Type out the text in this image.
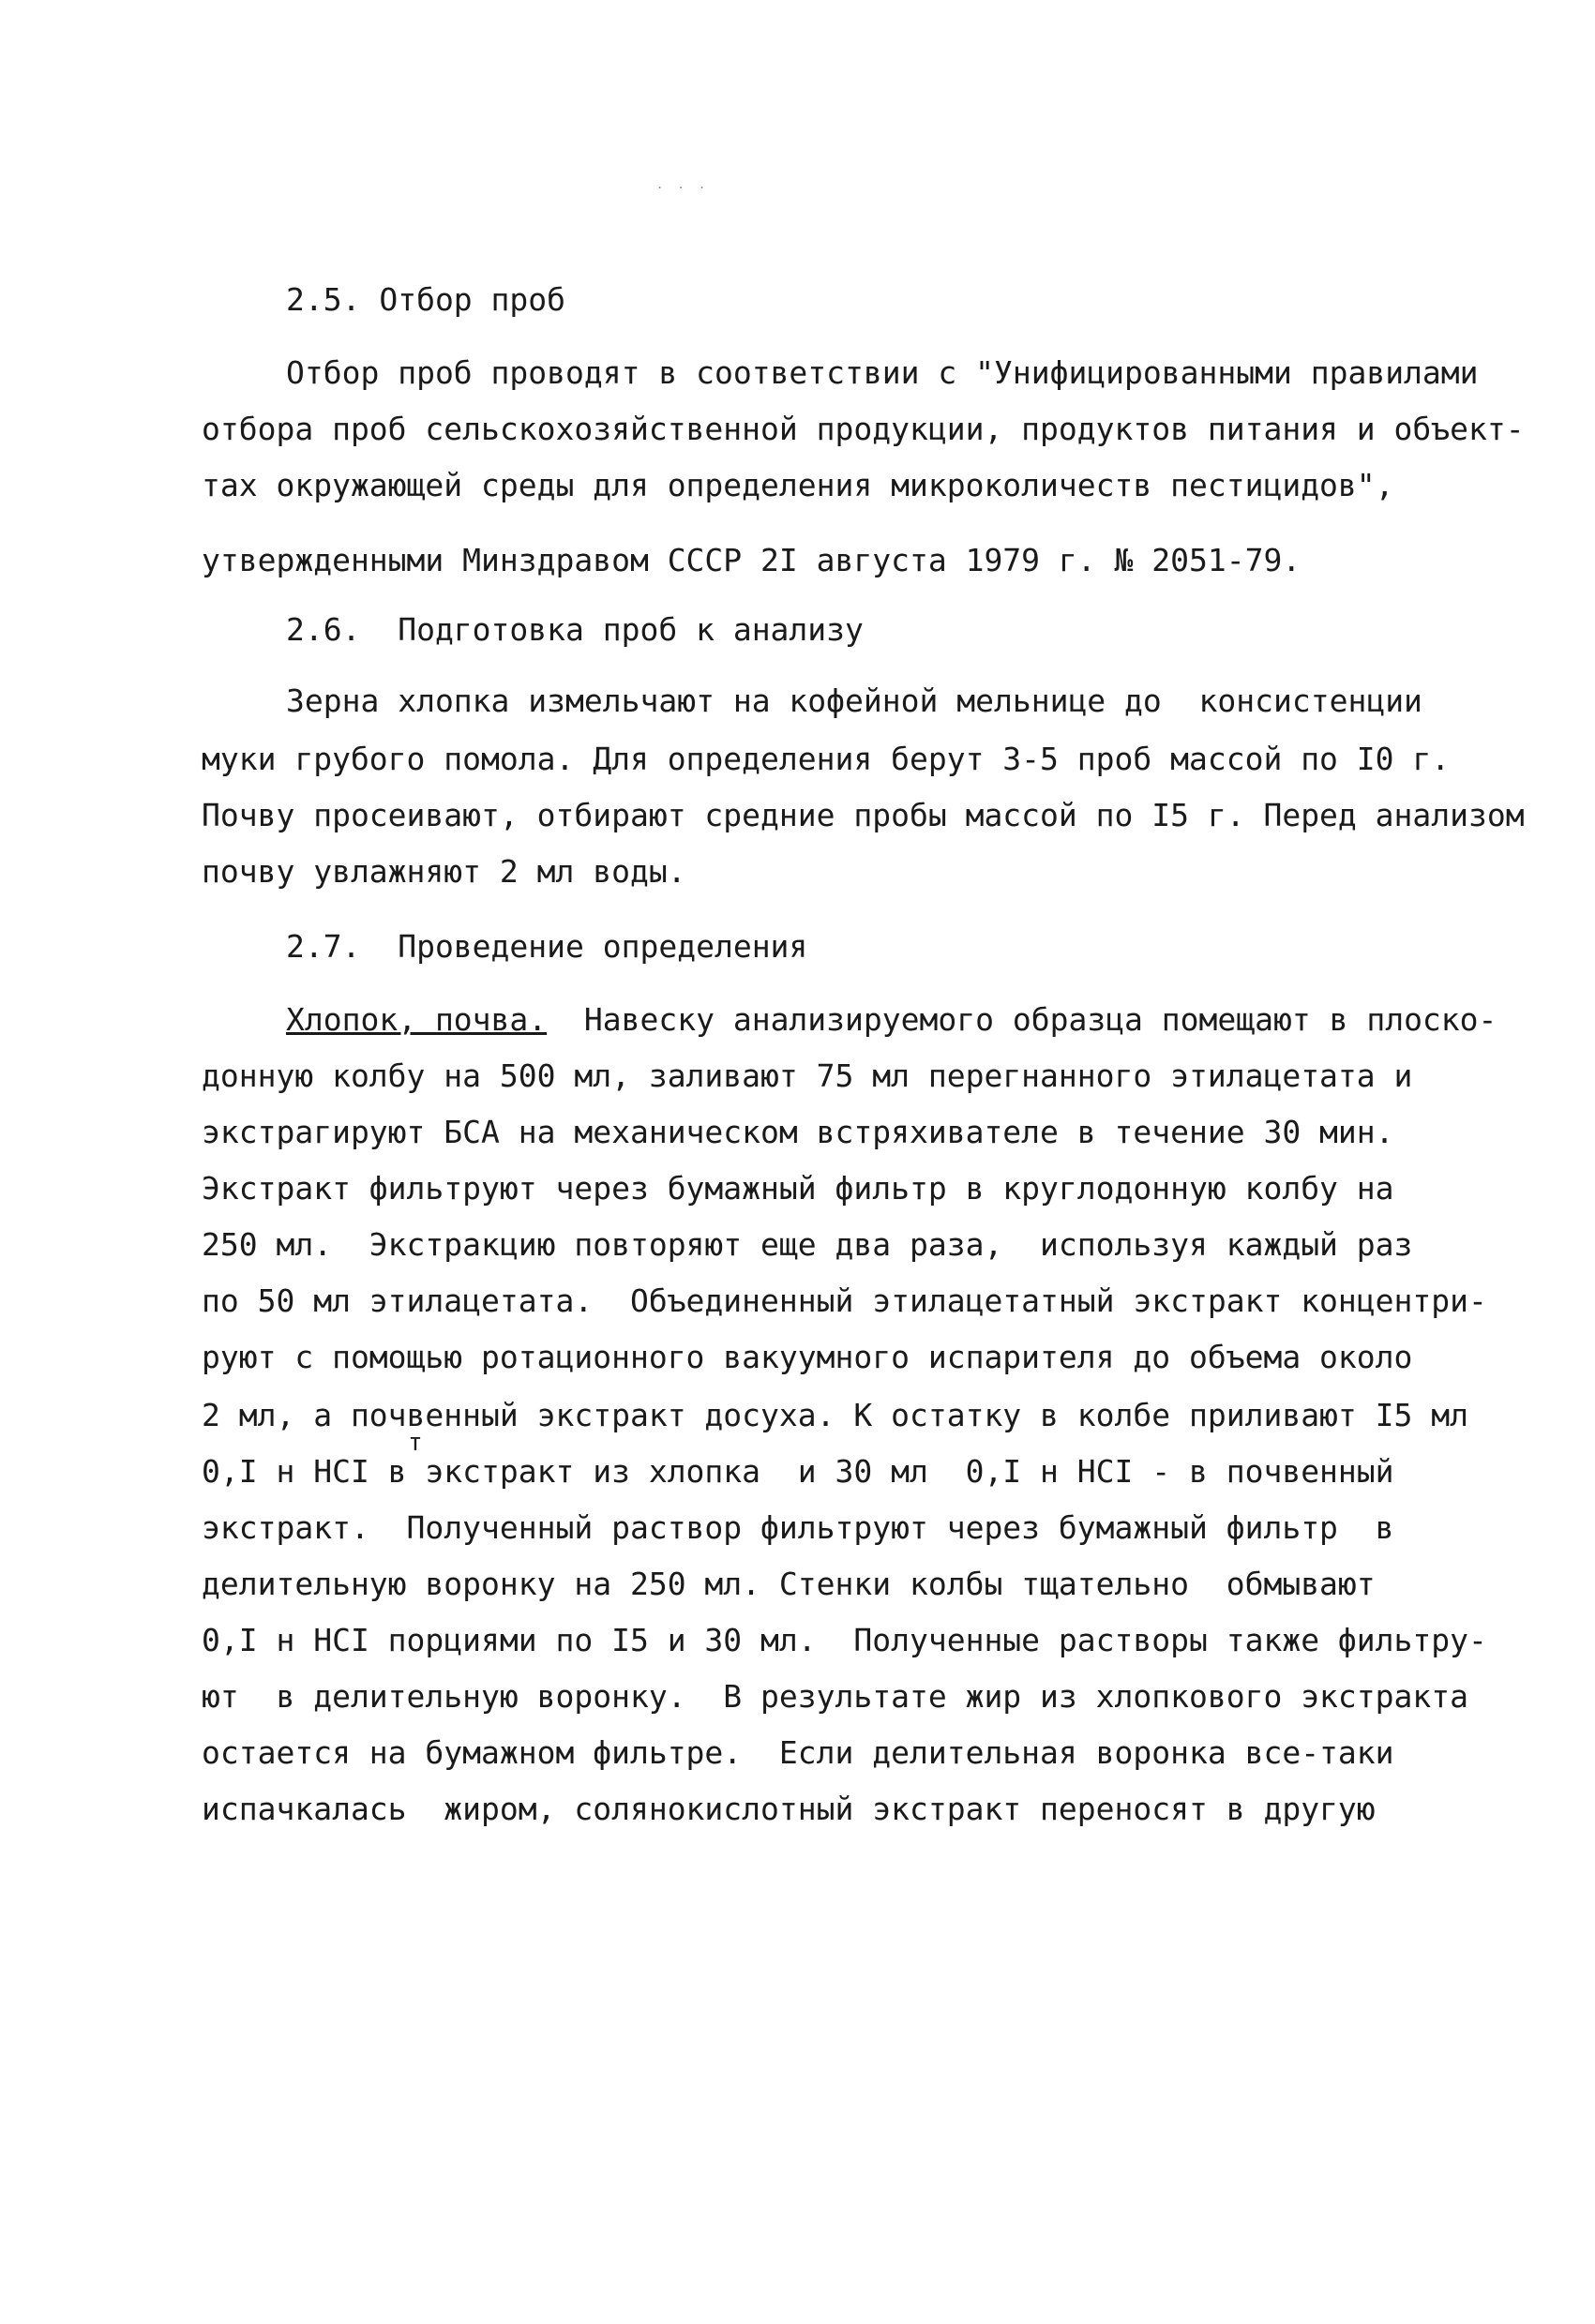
. . .
2.5. Отбор проб
Отбор проб проводят в соответствии с "Унифицированными правилами
отбора проб сельскохозяйственной продукции, продуктов питания и объект-
тах окружающей среды для определения микроколичеств пестицидов",
утвержденными Минздравом СССР 2I августа 1979 г. № 2051-79.
2.6.  Подготовка проб к анализу
Зерна хлопка измельчают на кофейной мельнице до  консистенции
муки грубого помола. Для определения берут 3-5 проб массой по I0 г.
Почву просеивают, отбирают средние пробы массой по I5 г. Перед анализом
почву увлажняют 2 мл воды.
2.7.  Проведение определения
Хлопок, почва.  Навеску анализируемого образца помещают в плоско-
донную колбу на 500 мл, заливают 75 мл перегнанного этилацетата и
экстрагируют БСА на механическом встряхивателе в течение 30 мин.
Экстракт фильтруют через бумажный фильтр в круглодонную колбу на
250 мл.  Экстракцию повторяют еще два раза,  используя каждый раз
по 50 мл этилацетата.  Объединенный этилацетатный экстракт концентри-
руют с помощью ротационного вакуумного испарителя до объема около
2 мл, а почвенный экстракт досуха. К остатку в колбе приливают I5 мл
т
0,I н HCI в экстракт из хлопка  и 30 мл  0,I н HCI - в почвенный
экстракт.  Полученный раствор фильтруют через бумажный фильтр  в
делительную воронку на 250 мл. Стенки колбы тщательно  обмывают
0,I н HCI порциями по I5 и 30 мл.  Полученные растворы также фильтру-
ют  в делительную воронку.  В результате жир из хлопкового экстракта
остается на бумажном фильтре.  Если делительная воронка все-таки
испачкалась  жиром, солянокислотный экстракт переносят в другую
